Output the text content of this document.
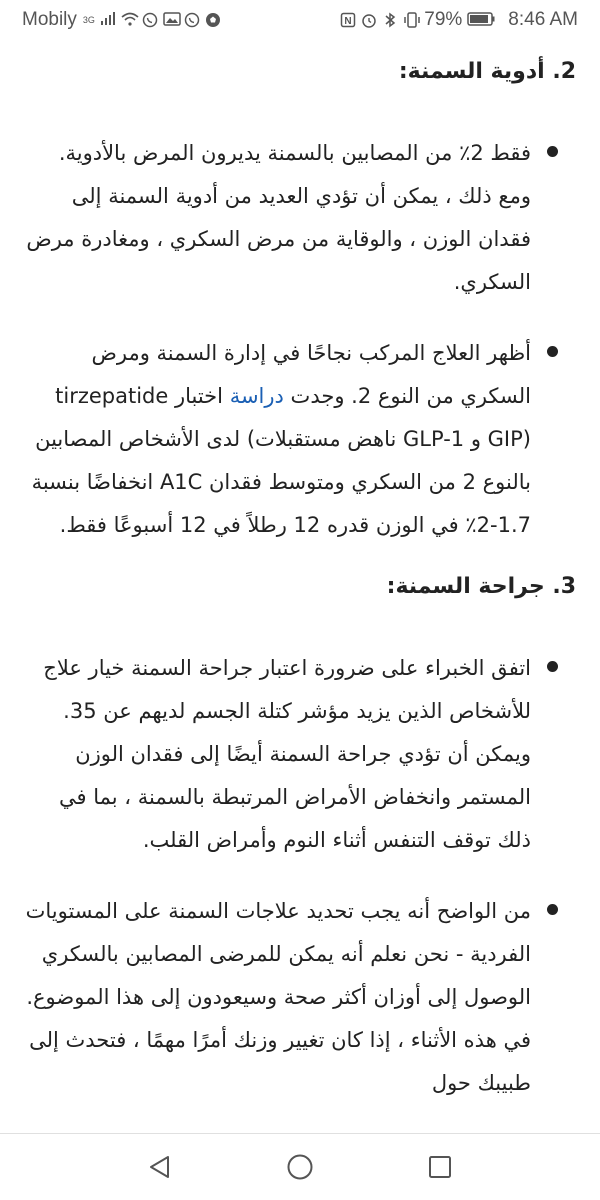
Mobily 3G	N	79% 8:46 AM
2. أدوية السمنة:
فقط 2٪ من المصابين بالسمنة يديرون المرض بالأدوية. ومع ذلك ، يمكن أن تؤدي العديد من أدوية السمنة إلى فقدان الوزن ، والوقاية من مرض السكري ، ومغادرة مرض السكري.
أظهر العلاج المركب نجاحًا في إدارة السمنة ومرض السكري من النوع 2. وجدت دراسة اختبار tirzepatide (GIP و GLP-1 ناهض مستقبلات) لدى الأشخاص المصابين بالنوع 2 من السكري ومتوسط فقدان A1C انخفاضًا بنسبة 1.7-2٪ في الوزن قدره 12 رطلاً في 12 أسبوعًا فقط.
3. جراحة السمنة:
اتفق الخبراء على ضرورة اعتبار جراحة السمنة خيار علاج للأشخاص الذين يزيد مؤشر كتلة الجسم لديهم عن 35. ويمكن أن تؤدي جراحة السمنة أيضًا إلى فقدان الوزن المستمر وانخفاض الأمراض المرتبطة بالسمنة ، بما في ذلك توقف التنفس أثناء النوم وأمراض القلب.
من الواضح أنه يجب تحديد علاجات السمنة على المستويات الفردية - نحن نعلم أنه يمكن للمرضى المصابين بالسكري الوصول إلى أوزان أكثر صحة وسيعودون إلى هذا الموضوع. في هذه الأثناء ، إذا كان تغيير وزنك أمرًا مهمًا ، فتحدث إلى طبيبك حول
